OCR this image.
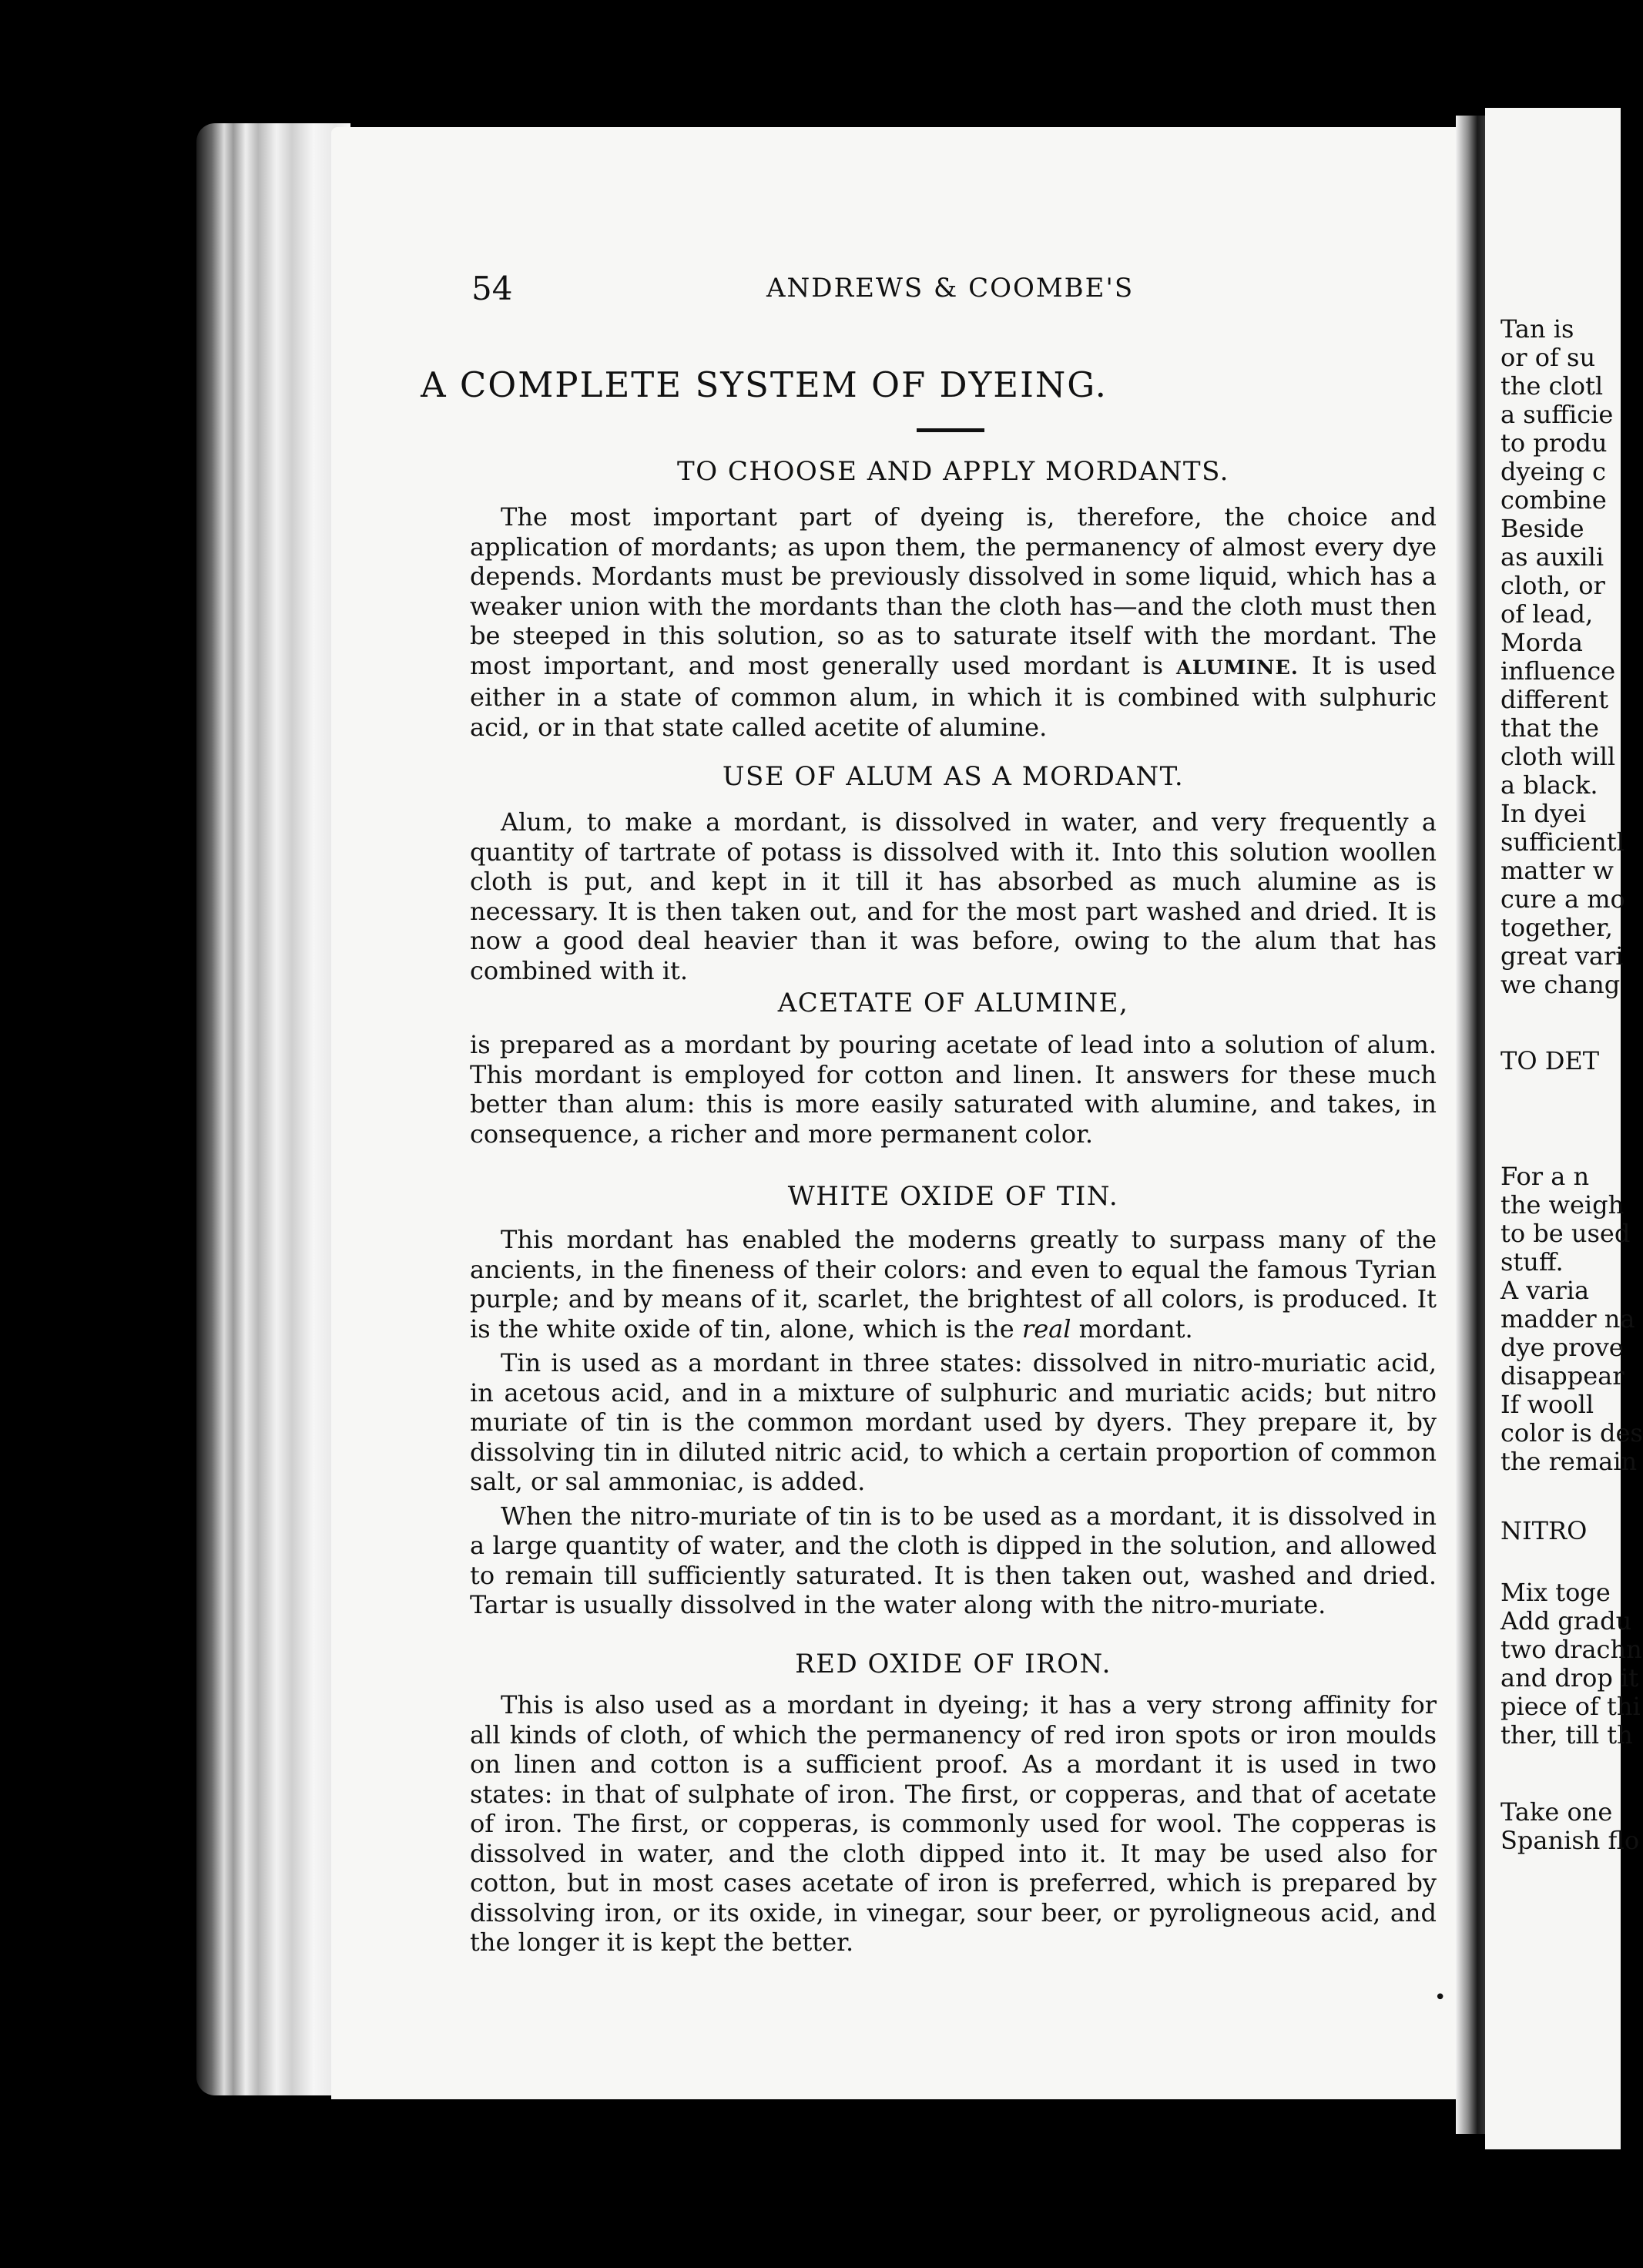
Tan is
or of su
the clotl
a sufficie
to produ
dyeing c
combine
Beside
as auxili
cloth, or
of lead,
Morda
influence
different
that the
cloth will
a black.
In dyei
sufficientl
matter w
cure a mo
together,
great vari
we chang
TO DET
For a n
the weigh
to be used
stuff.
A varia
madder na
dye prove
disappear
If wooll
color is des
the remain
NITRO
Mix toge
Add gradu
two drachn
and drop it
piece of thi
ther, till th
Take one
Spanish flo
54	ANDREWS & COOMBE'S
A COMPLETE SYSTEM OF DYEING.
TO CHOOSE AND APPLY MORDANTS.

The most important part of dyeing is, therefore, the choice and application of mordants; as upon them, the permanency of almost every dye depends. Mordants must be previously dissolved in some liquid, which has a weaker union with the mordants than the cloth has—and the cloth must then be steeped in this solution, so as to saturate itself with the mordant. The most important, and most generally used mordant is ALUMINE. It is used either in a state of common alum, in which it is combined with sulphuric acid, or in that state called acetite of alumine.

USE OF ALUM AS A MORDANT.

Alum, to make a mordant, is dissolved in water, and very frequently a quantity of tartrate of potass is dissolved with it. Into this solution woollen cloth is put, and kept in it till it has absorbed as much alumine as is necessary. It is then taken out, and for the most part washed and dried. It is now a good deal heavier than it was before, owing to the alum that has combined with it.

ACETATE OF ALUMINE,

is prepared as a mordant by pouring acetate of lead into a solution of alum. This mordant is employed for cotton and linen. It answers for these much better than alum: this is more easily saturated with alumine, and takes, in consequence, a richer and more permanent color.

WHITE OXIDE OF TIN.

This mordant has enabled the moderns greatly to surpass many of the ancients, in the fineness of their colors: and even to equal the famous Tyrian purple; and by means of it, scarlet, the brightest of all colors, is produced. It is the white oxide of tin, alone, which is the real mordant.

Tin is used as a mordant in three states: dissolved in nitro-muriatic acid, in acetous acid, and in a mixture of sulphuric and muriatic acids; but nitro muriate of tin is the common mordant used by dyers. They prepare it, by dissolving tin in diluted nitric acid, to which a certain proportion of common salt, or sal ammoniac, is added.

When the nitro-muriate of tin is to be used as a mordant, it is dissolved in a large quantity of water, and the cloth is dipped in the solution, and allowed to remain till sufficiently saturated. It is then taken out, washed and dried. Tartar is usually dissolved in the water along with the nitro-muriate.

RED OXIDE OF IRON.

This is also used as a mordant in dyeing; it has a very strong affinity for all kinds of cloth, of which the permanency of red iron spots or iron moulds on linen and cotton is a sufficient proof. As a mordant it is used in two states: in that of sulphate of iron. The first, or copperas, and that of acetate of iron. The first, or copperas, is commonly used for wool. The copperas is dissolved in water, and the cloth dipped into it. It may be used also for cotton, but in most cases acetate of iron is preferred, which is prepared by dissolving iron, or its oxide, in vinegar, sour beer, or pyroligneous acid, and the longer it is kept the better.

•
